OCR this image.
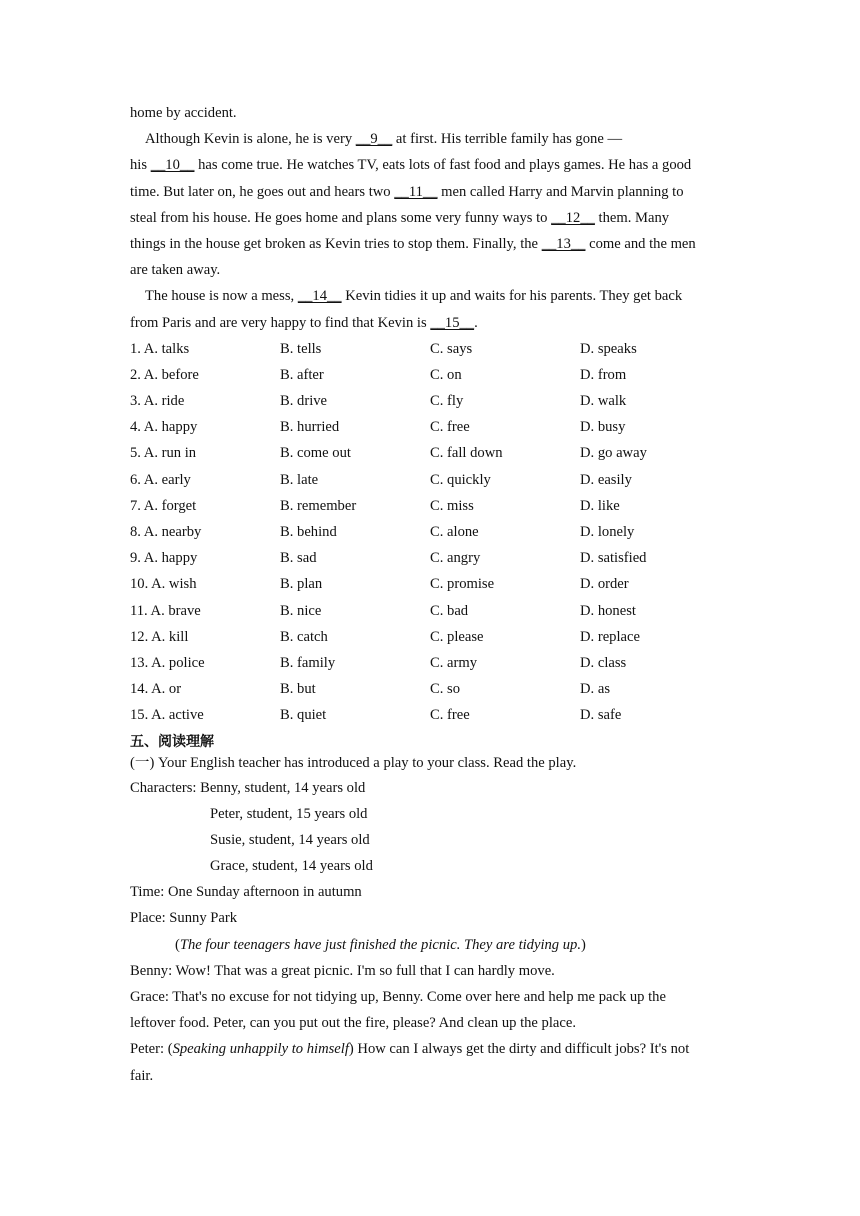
home by accident.
Although Kevin is alone, he is very __9__ at first. His terrible family has gone —
his __10__ has come true. He watches TV, eats lots of fast food and plays games. He has a good
time. But later on, he goes out and hears two __11__ men called Harry and Marvin planning to
steal from his house. He goes home and plans some very funny ways to __12__ them. Many
things in the house get broken as Kevin tries to stop them. Finally, the __13__ come and the men
are taken away.
The house is now a mess, __14__ Kevin tidies it up and waits for his parents. They get back
from Paris and are very happy to find that Kevin is __15__.
1. A. talks	B. tells	C. says	D. speaks
2. A. before	B. after	C. on	D. from
3. A. ride	B. drive	C. fly	D. walk
4. A. happy	B. hurried	C. free	D. busy
5. A. run in	B. come out	C. fall down	D. go away
6. A. early	B. late	C. quickly	D. easily
7. A. forget	B. remember	C. miss	D. like
8. A. nearby	B. behind	C. alone	D. lonely
9. A. happy	B. sad	C. angry	D. satisfied
10. A. wish	B. plan	C. promise	D. order
11. A. brave	B. nice	C. bad	D. honest
12. A. kill	B. catch	C. please	D. replace
13. A. police	B. family	C. army	D. class
14. A. or	B. but	C. so	D. as
15. A. active	B. quiet	C. free	D. safe
五、阅读理解
(一) Your English teacher has introduced a play to your class. Read the play.
Characters: Benny, student, 14 years old
Peter, student, 15 years old
Susie, student, 14 years old
Grace, student, 14 years old
Time: One Sunday afternoon in autumn
Place: Sunny Park
(The four teenagers have just finished the picnic. They are tidying up.)
Benny: Wow! That was a great picnic. I'm so full that I can hardly move.
Grace: That's no excuse for not tidying up, Benny. Come over here and help me pack up the
leftover food. Peter, can you put out the fire, please? And clean up the place.
Peter: (Speaking unhappily to himself) How can I always get the dirty and difficult jobs? It's not
fair.
